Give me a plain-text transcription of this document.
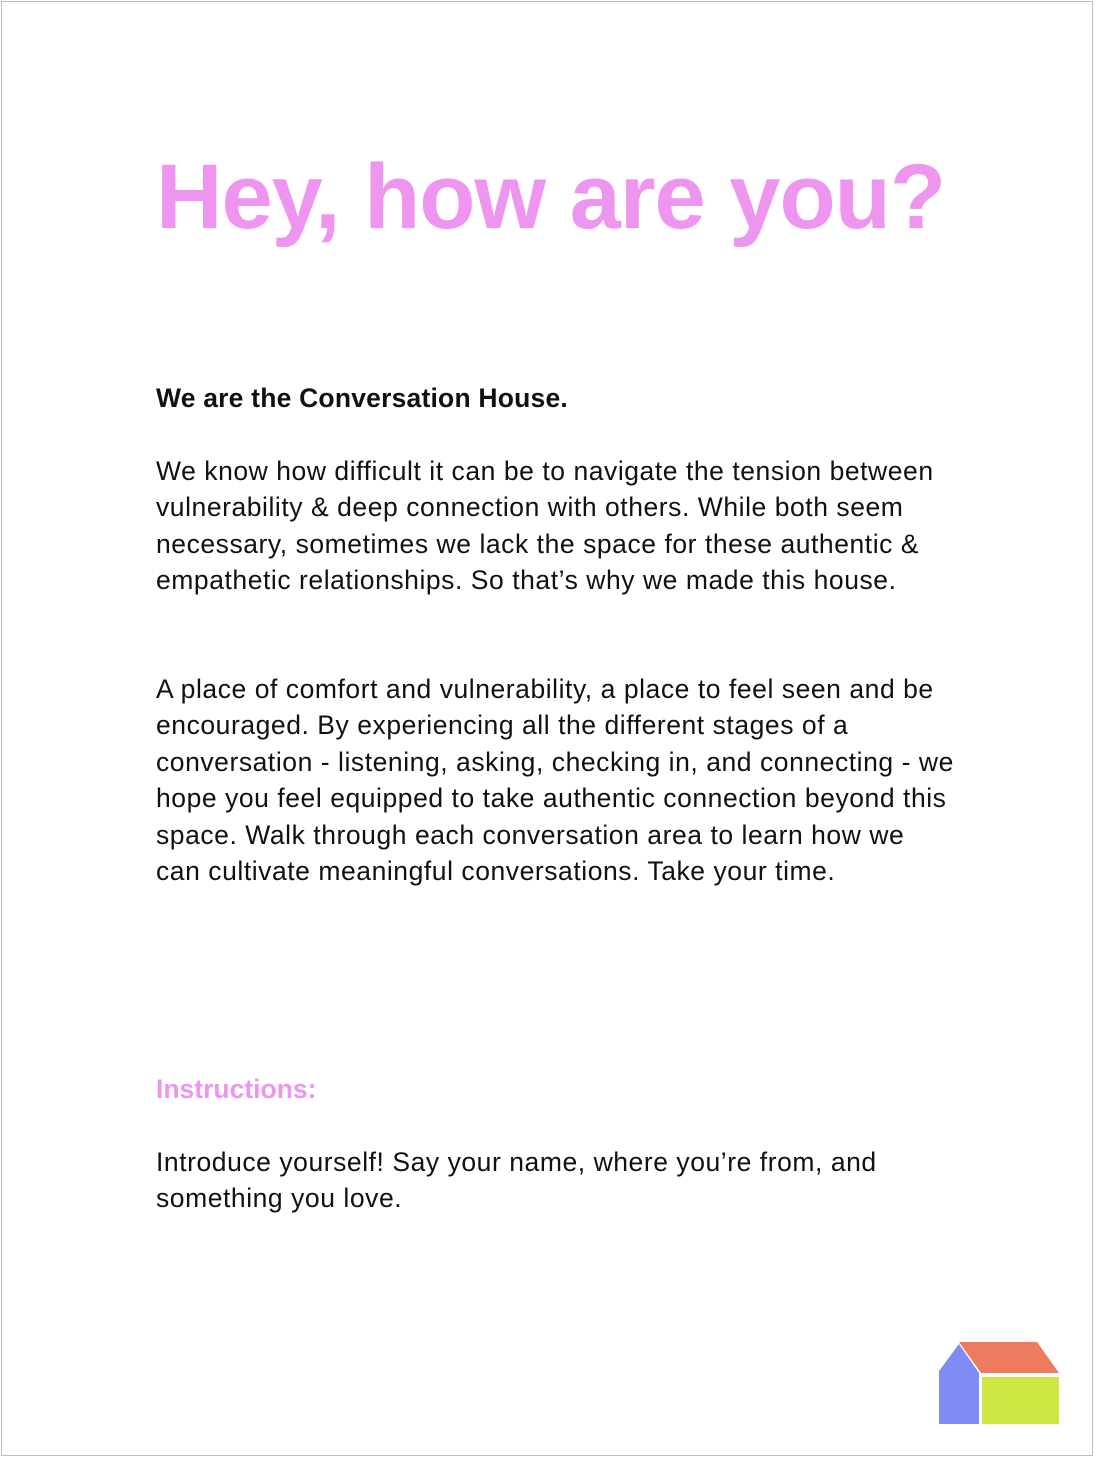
Hey, how are you?

We are the Conversation House.

We know how difficult it can be to navigate the tension between vulnerability & deep connection with others. While both seem necessary, sometimes we lack the space for these authentic & empathetic relationships. So that’s why we made this house.

A place of comfort and vulnerability, a place to feel seen and be encouraged. By experiencing all the different stages of a conversation - listening, asking, checking in, and connecting - we hope you feel equipped to take authentic connection beyond this space. Walk through each conversation area to learn how we can cultivate meaningful conversations. Take your time.

Instructions:

Introduce yourself! Say your name, where you’re from, and something you love.
